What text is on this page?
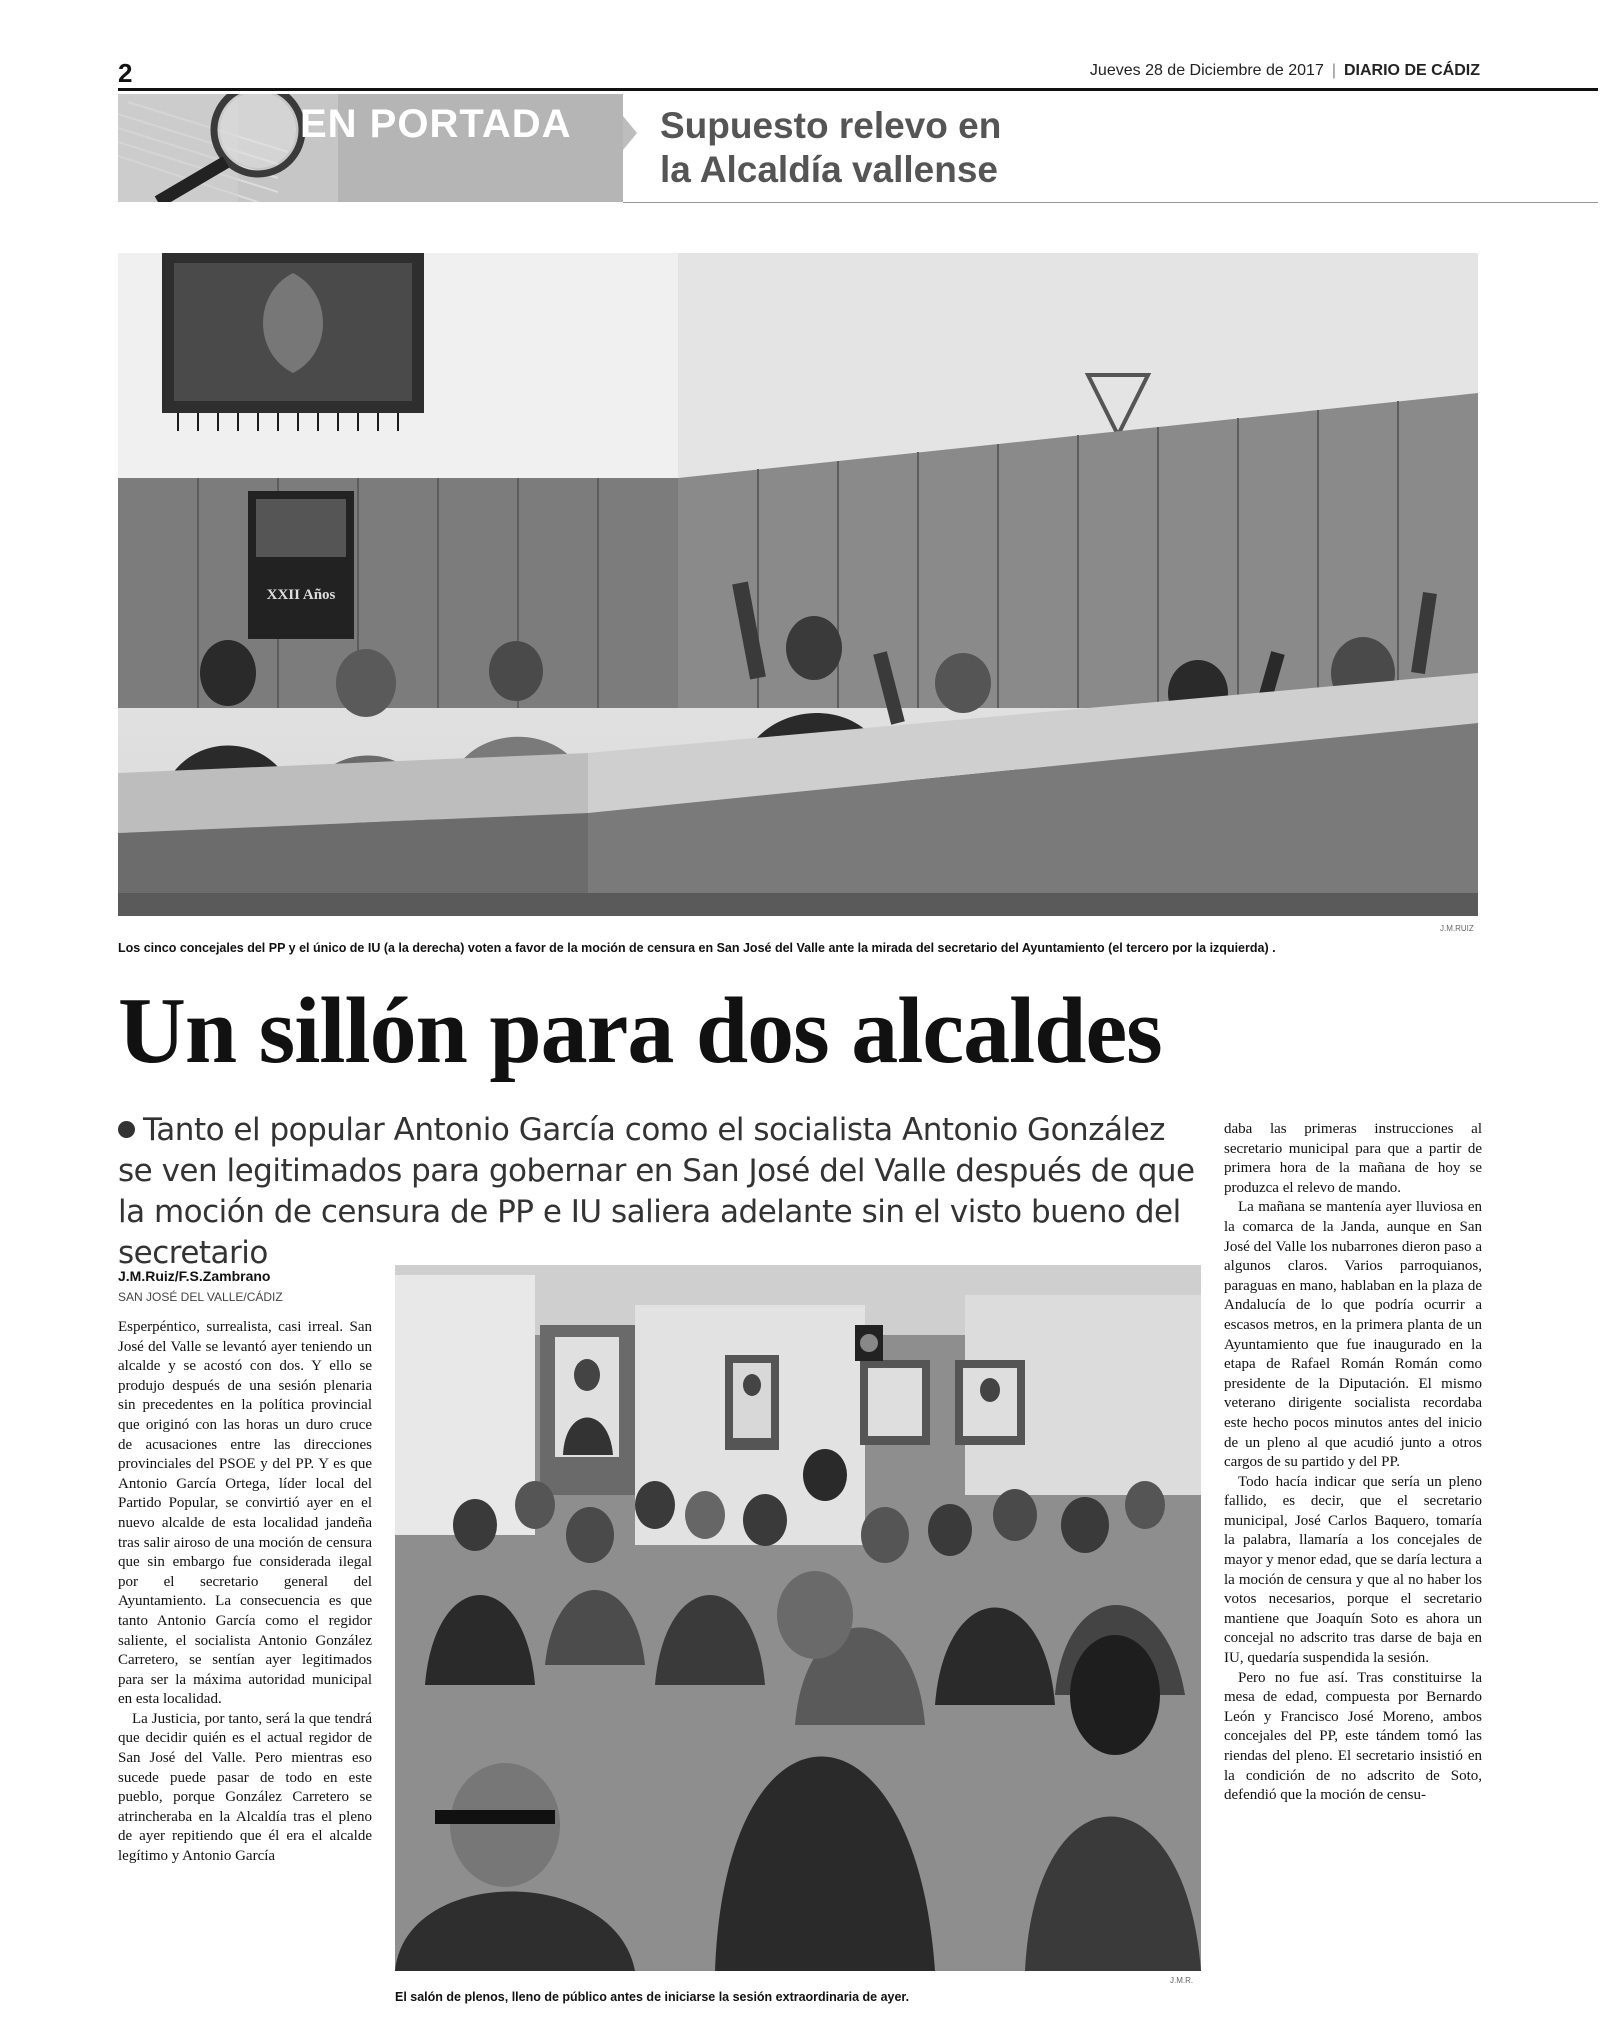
2	Jueves 28 de Diciembre de 2017 | DIARIO DE CÁDIZ
EN PORTADA Supuesto relevo en
la Alcaldía vallense
XXII Años
J.M.RUIZ
Los cinco concejales del PP y el único de IU (a la derecha) voten a favor de la moción de censura en San José del Valle ante la mirada del secretario del Ayuntamiento (el tercero por la izquierda) .
Un sillón para dos alcaldes
Tanto el popular Antonio García como el socialista Antonio González se ven legitimados para gobernar en San José del Valle después de que la moción de censura de PP e IU saliera adelante sin el visto bueno del secretario
J.M.Ruiz/F.S.Zambrano
SAN JOSÉ DEL VALLE/CÁDIZ

Esperpéntico, surrealista, casi irreal. San José del Valle se levantó ayer teniendo un alcalde y se acostó con dos. Y ello se produjo después de una sesión plenaria sin precedentes en la política provincial que originó con las horas un duro cruce de acusaciones entre las direcciones provinciales del PSOE y del PP. Y es que Antonio García Ortega, líder local del Partido Popular, se convirtió ayer en el nuevo alcalde de esta localidad jandeña tras salir airoso de una moción de censura que sin embargo fue considerada ilegal por el secretario general del Ayuntamiento. La consecuencia es que tanto Antonio García como el regidor saliente, el socialista Antonio González Carretero, se sentían ayer legitimados para ser la máxima autoridad municipal en esta localidad.

La Justicia, por tanto, será la que tendrá que decidir quién es el actual regidor de San José del Valle. Pero mientras eso sucede puede pasar de todo en este pueblo, porque González Carretero se atrincheraba en la Alcaldía tras el pleno de ayer repitiendo que él era el alcalde legítimo y Antonio García

J.M.R.
El salón de plenos, lleno de público antes de iniciarse la sesión extraordinaria de ayer.

daba las primeras instrucciones al secretario municipal para que a partir de primera hora de la mañana de hoy se produzca el relevo de mando.

La mañana se mantenía ayer lluviosa en la comarca de la Janda, aunque en San José del Valle los nubarrones dieron paso a algunos claros. Varios parroquianos, paraguas en mano, hablaban en la plaza de Andalucía de lo que podría ocurrir a escasos metros, en la primera planta de un Ayuntamiento que fue inaugurado en la etapa de Rafael Román Román como presidente de la Diputación. El mismo veterano dirigente socialista recordaba este hecho pocos minutos antes del inicio de un pleno al que acudió junto a otros cargos de su partido y del PP.

Todo hacía indicar que sería un pleno fallido, es decir, que el secretario municipal, José Carlos Baquero, tomaría la palabra, llamaría a los concejales de mayor y menor edad, que se daría lectura a la moción de censura y que al no haber los votos necesarios, porque el secretario mantiene que Joaquín Soto es ahora un concejal no adscrito tras darse de baja en IU, quedaría suspendida la sesión.

Pero no fue así. Tras constituirse la mesa de edad, compuesta por Bernardo León y Francisco José Moreno, ambos concejales del PP, este tándem tomó las riendas del pleno. El secretario insistió en la condición de no adscrito de Soto, defendió que la moción de censu-
